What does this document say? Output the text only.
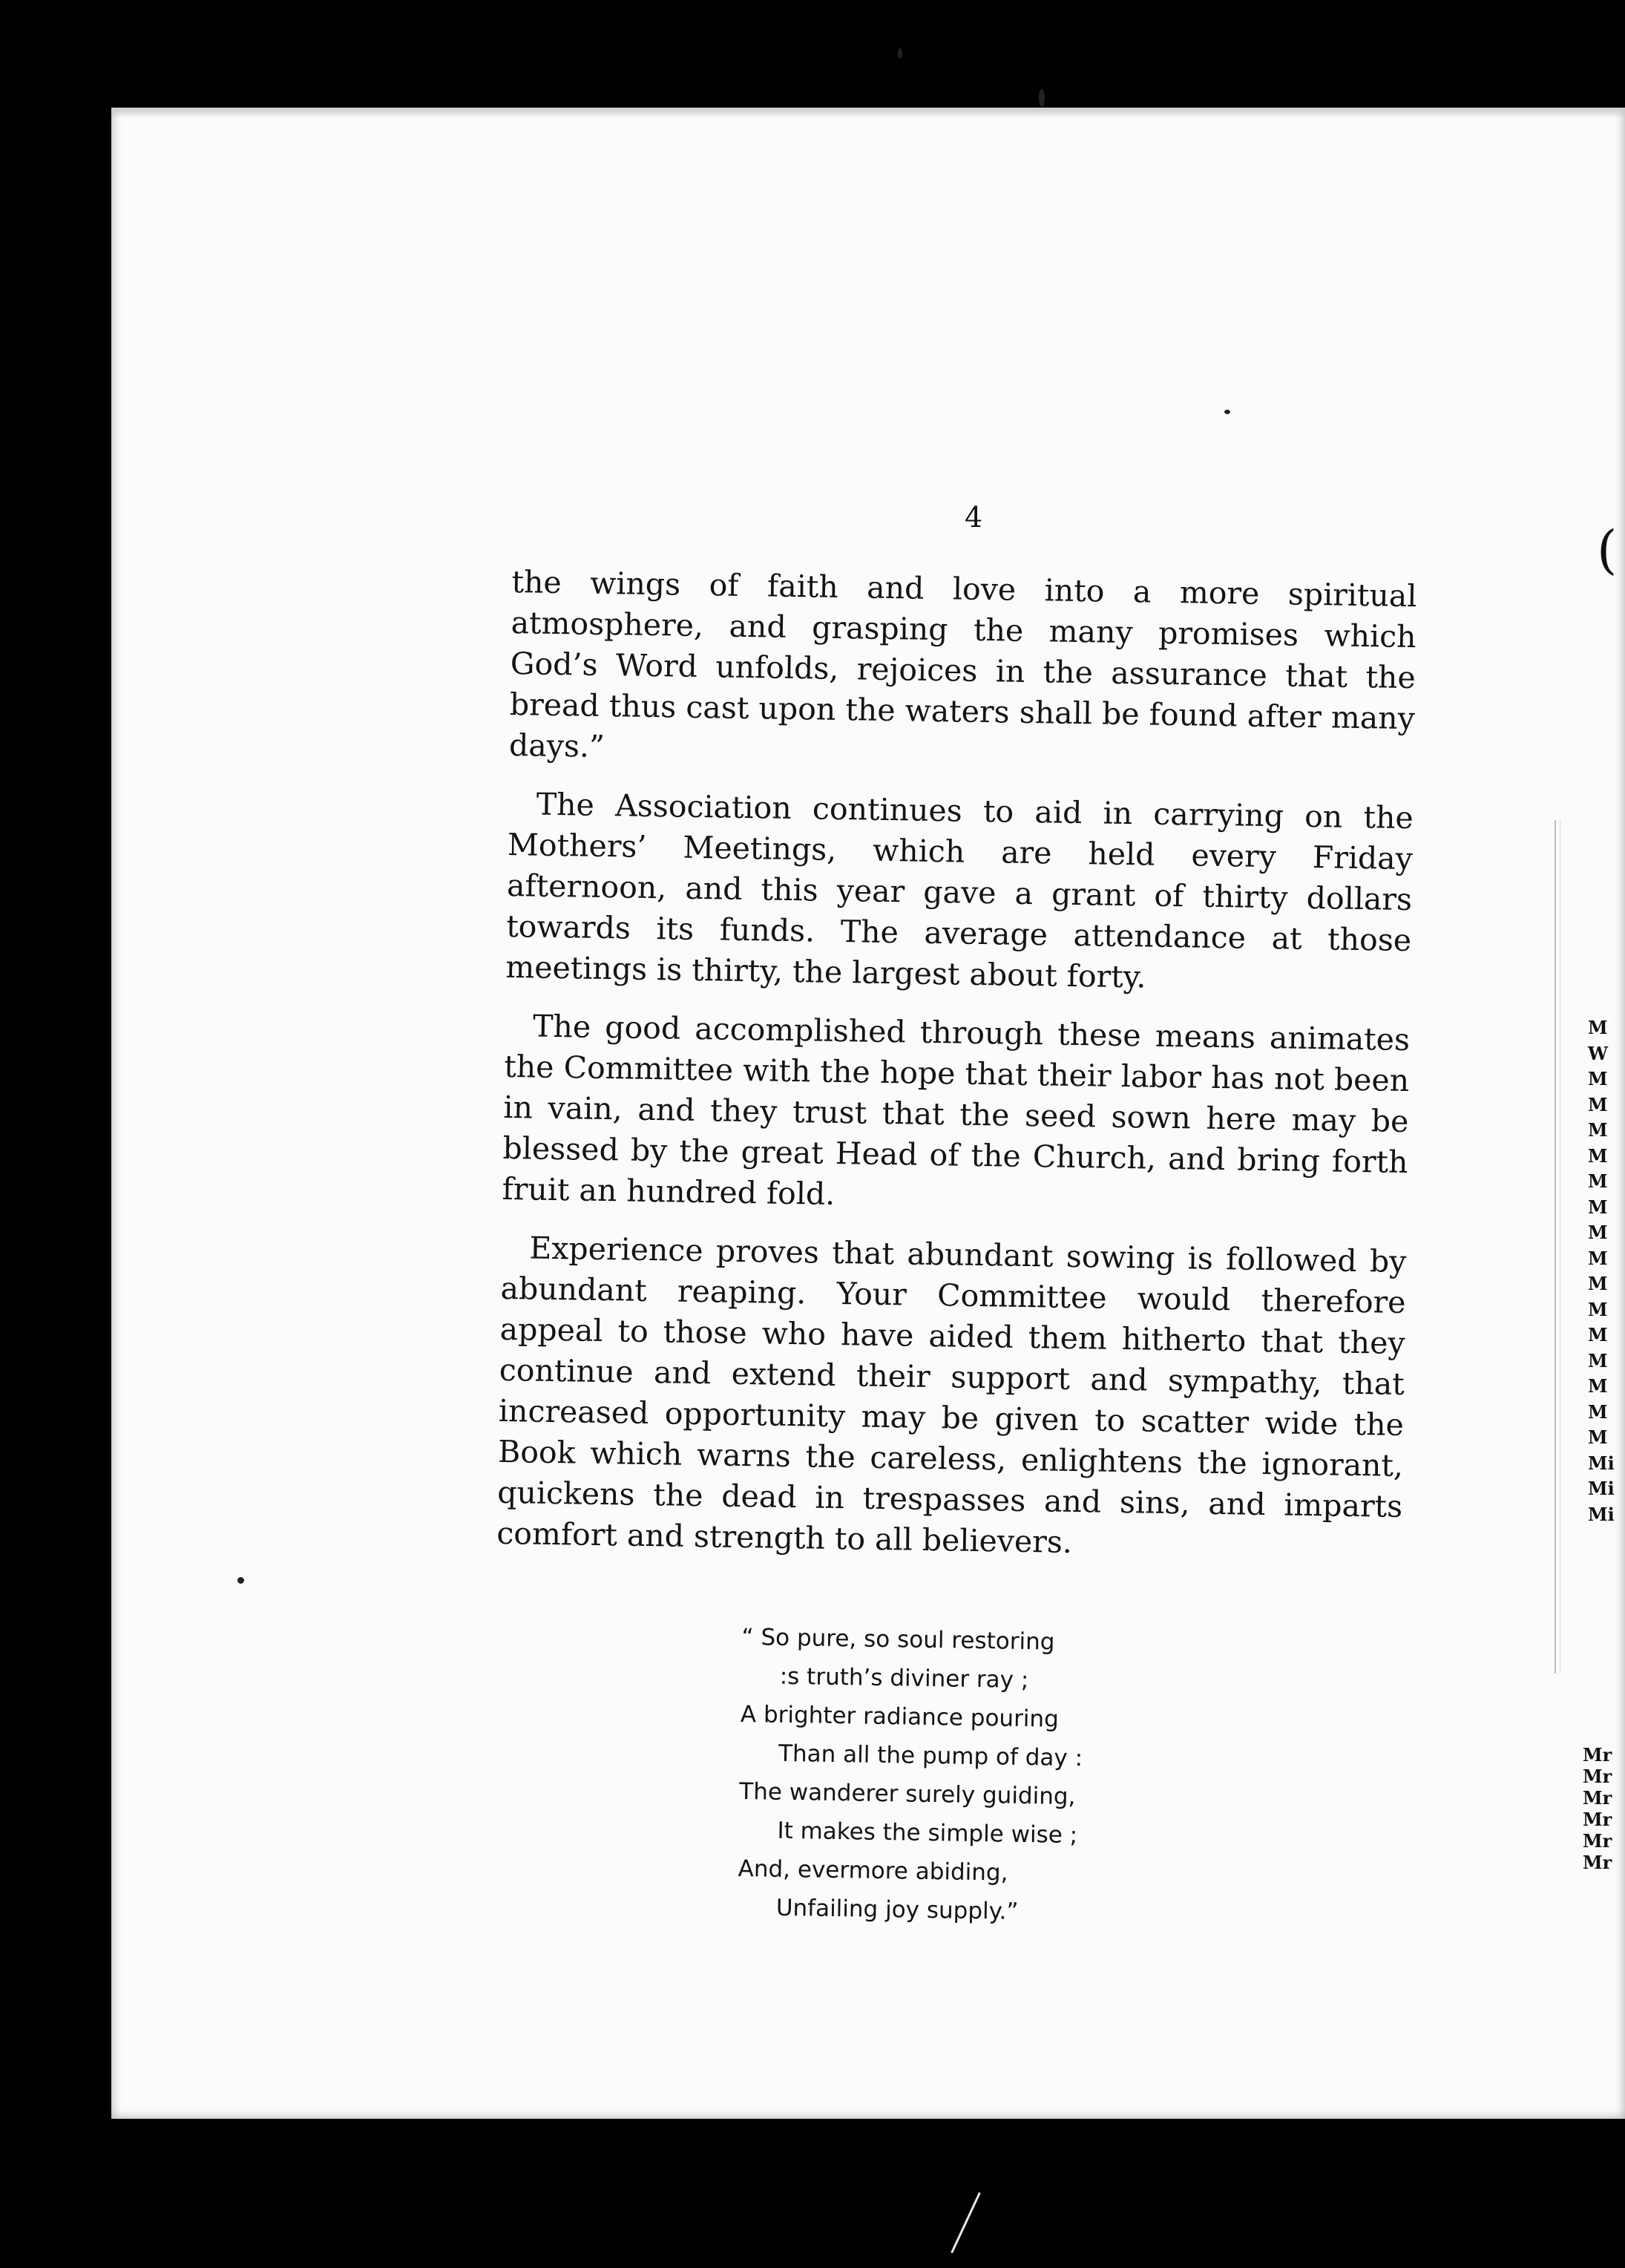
4

the wings of faith and love into a more spiritual atmosphere, and grasping the many promises which God’s Word unfolds, rejoices in the assurance that the bread thus cast upon the waters shall be found after many days.”

The Association continues to aid in carrying on the Mothers’ Meetings, which are held every Friday afternoon, and this year gave a grant of thirty dollars towards its funds. The average attendance at those meetings is thirty, the largest about forty.

The good accomplished through these means animates the Committee with the hope that their labor has not been in vain, and they trust that the seed sown here may be blessed by the great Head of the Church, and bring forth fruit an hundred fold.

Experience proves that abundant sowing is followed by abundant reaping. Your Committee would therefore appeal to those who have aided them hitherto that they continue and extend their support and sympathy, that increased opportunity may be given to scatter wide the Book which warns the careless, enlightens the ignorant, quickens the dead in trespasses and sins, and imparts comfort and strength to all believers.

“ So pure, so soul restoring
:s truth’s diviner ray ;
A brighter radiance pouring
Than all the pump of day :
The wanderer surely guiding,
It makes the simple wise ;
And, evermore abiding,
Unfailing joy supply.”
(
M
W
M
M
M
M
M
M
M
M
M
M
M
M
M
M
M
Mi
Mi
Mi
Mr
Mr
Mr
Mr
Mr
Mr
